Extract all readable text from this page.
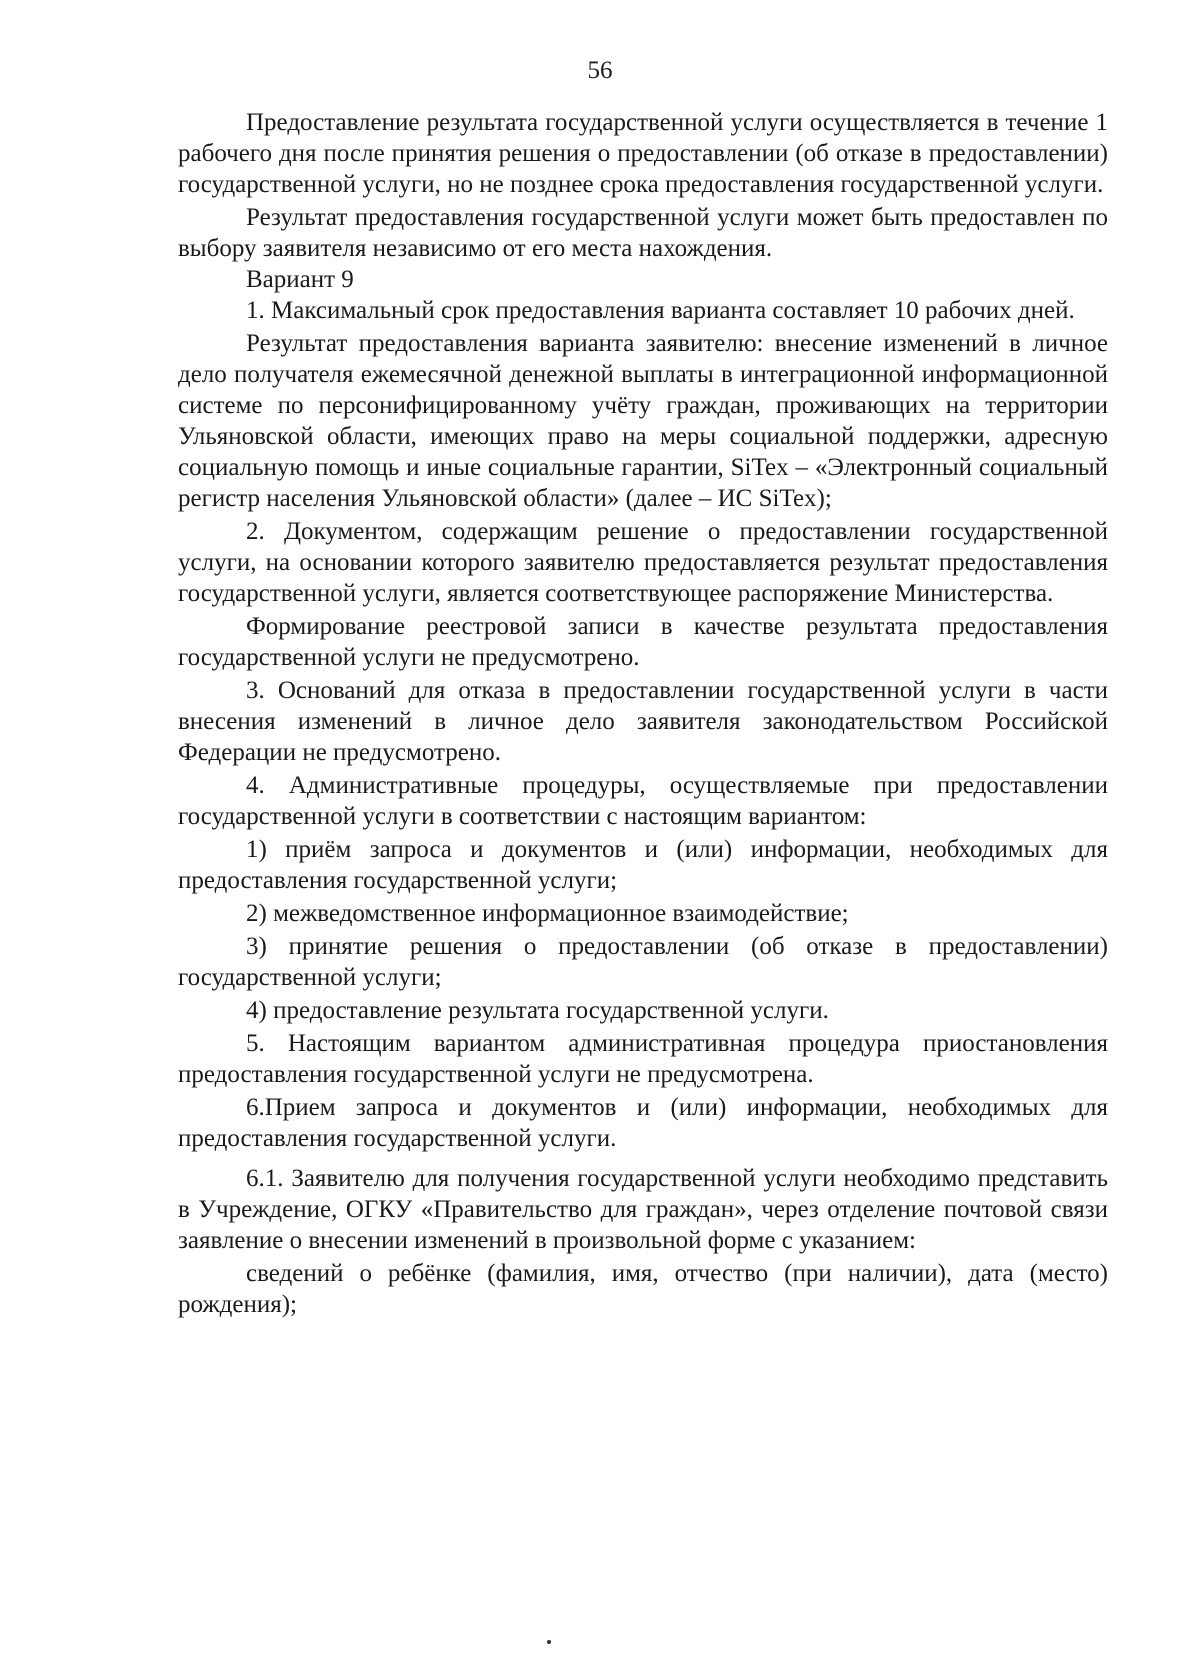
56

Предоставление результата государственной услуги осуществляется в течение 1 рабочего дня после принятия решения о предоставлении (об отказе в предоставлении) государственной услуги, но не позднее срока предоставления государственной услуги.

Результат предоставления государственной услуги может быть предоставлен по выбору заявителя независимо от его места нахождения.

Вариант 9

1. Максимальный срок предоставления варианта составляет 10 рабочих дней.

Результат предоставления варианта заявителю: внесение изменений в личное дело получателя ежемесячной денежной выплаты в интеграционной информационной системе по персонифицированному учёту граждан, проживающих на территории Ульяновской области, имеющих право на меры социальной поддержки, адресную социальную помощь и иные социальные гарантии, SiTex – «Электронный социальный регистр населения Ульяновской области» (далее – ИС SiTex);

2. Документом, содержащим решение о предоставлении государственной услуги, на основании которого заявителю предоставляется результат предоставления государственной услуги, является соответствующее распоряжение Министерства.

Формирование реестровой записи в качестве результата предоставления государственной услуги не предусмотрено.

3. Оснований для отказа в предоставлении государственной услуги в части внесения изменений в личное дело заявителя законодательством Российской Федерации не предусмотрено.

4. Административные процедуры, осуществляемые при предоставлении государственной услуги в соответствии с настоящим вариантом:

1) приём запроса и документов и (или) информации, необходимых для предоставления государственной услуги;

2) межведомственное информационное взаимодействие;

3) принятие решения о предоставлении (об отказе в предоставлении) государственной услуги;

4) предоставление результата государственной услуги.

5. Настоящим вариантом административная процедура приостановления предоставления государственной услуги не предусмотрена.

6.Прием запроса и документов и (или) информации, необходимых для предоставления государственной услуги.

6.1. Заявителю для получения государственной услуги необходимо представить в Учреждение, ОГКУ «Правительство для граждан», через отделение почтовой связи заявление о внесении изменений в произвольной форме с указанием:

сведений о ребёнке (фамилия, имя, отчество (при наличии), дата (место) рождения);
